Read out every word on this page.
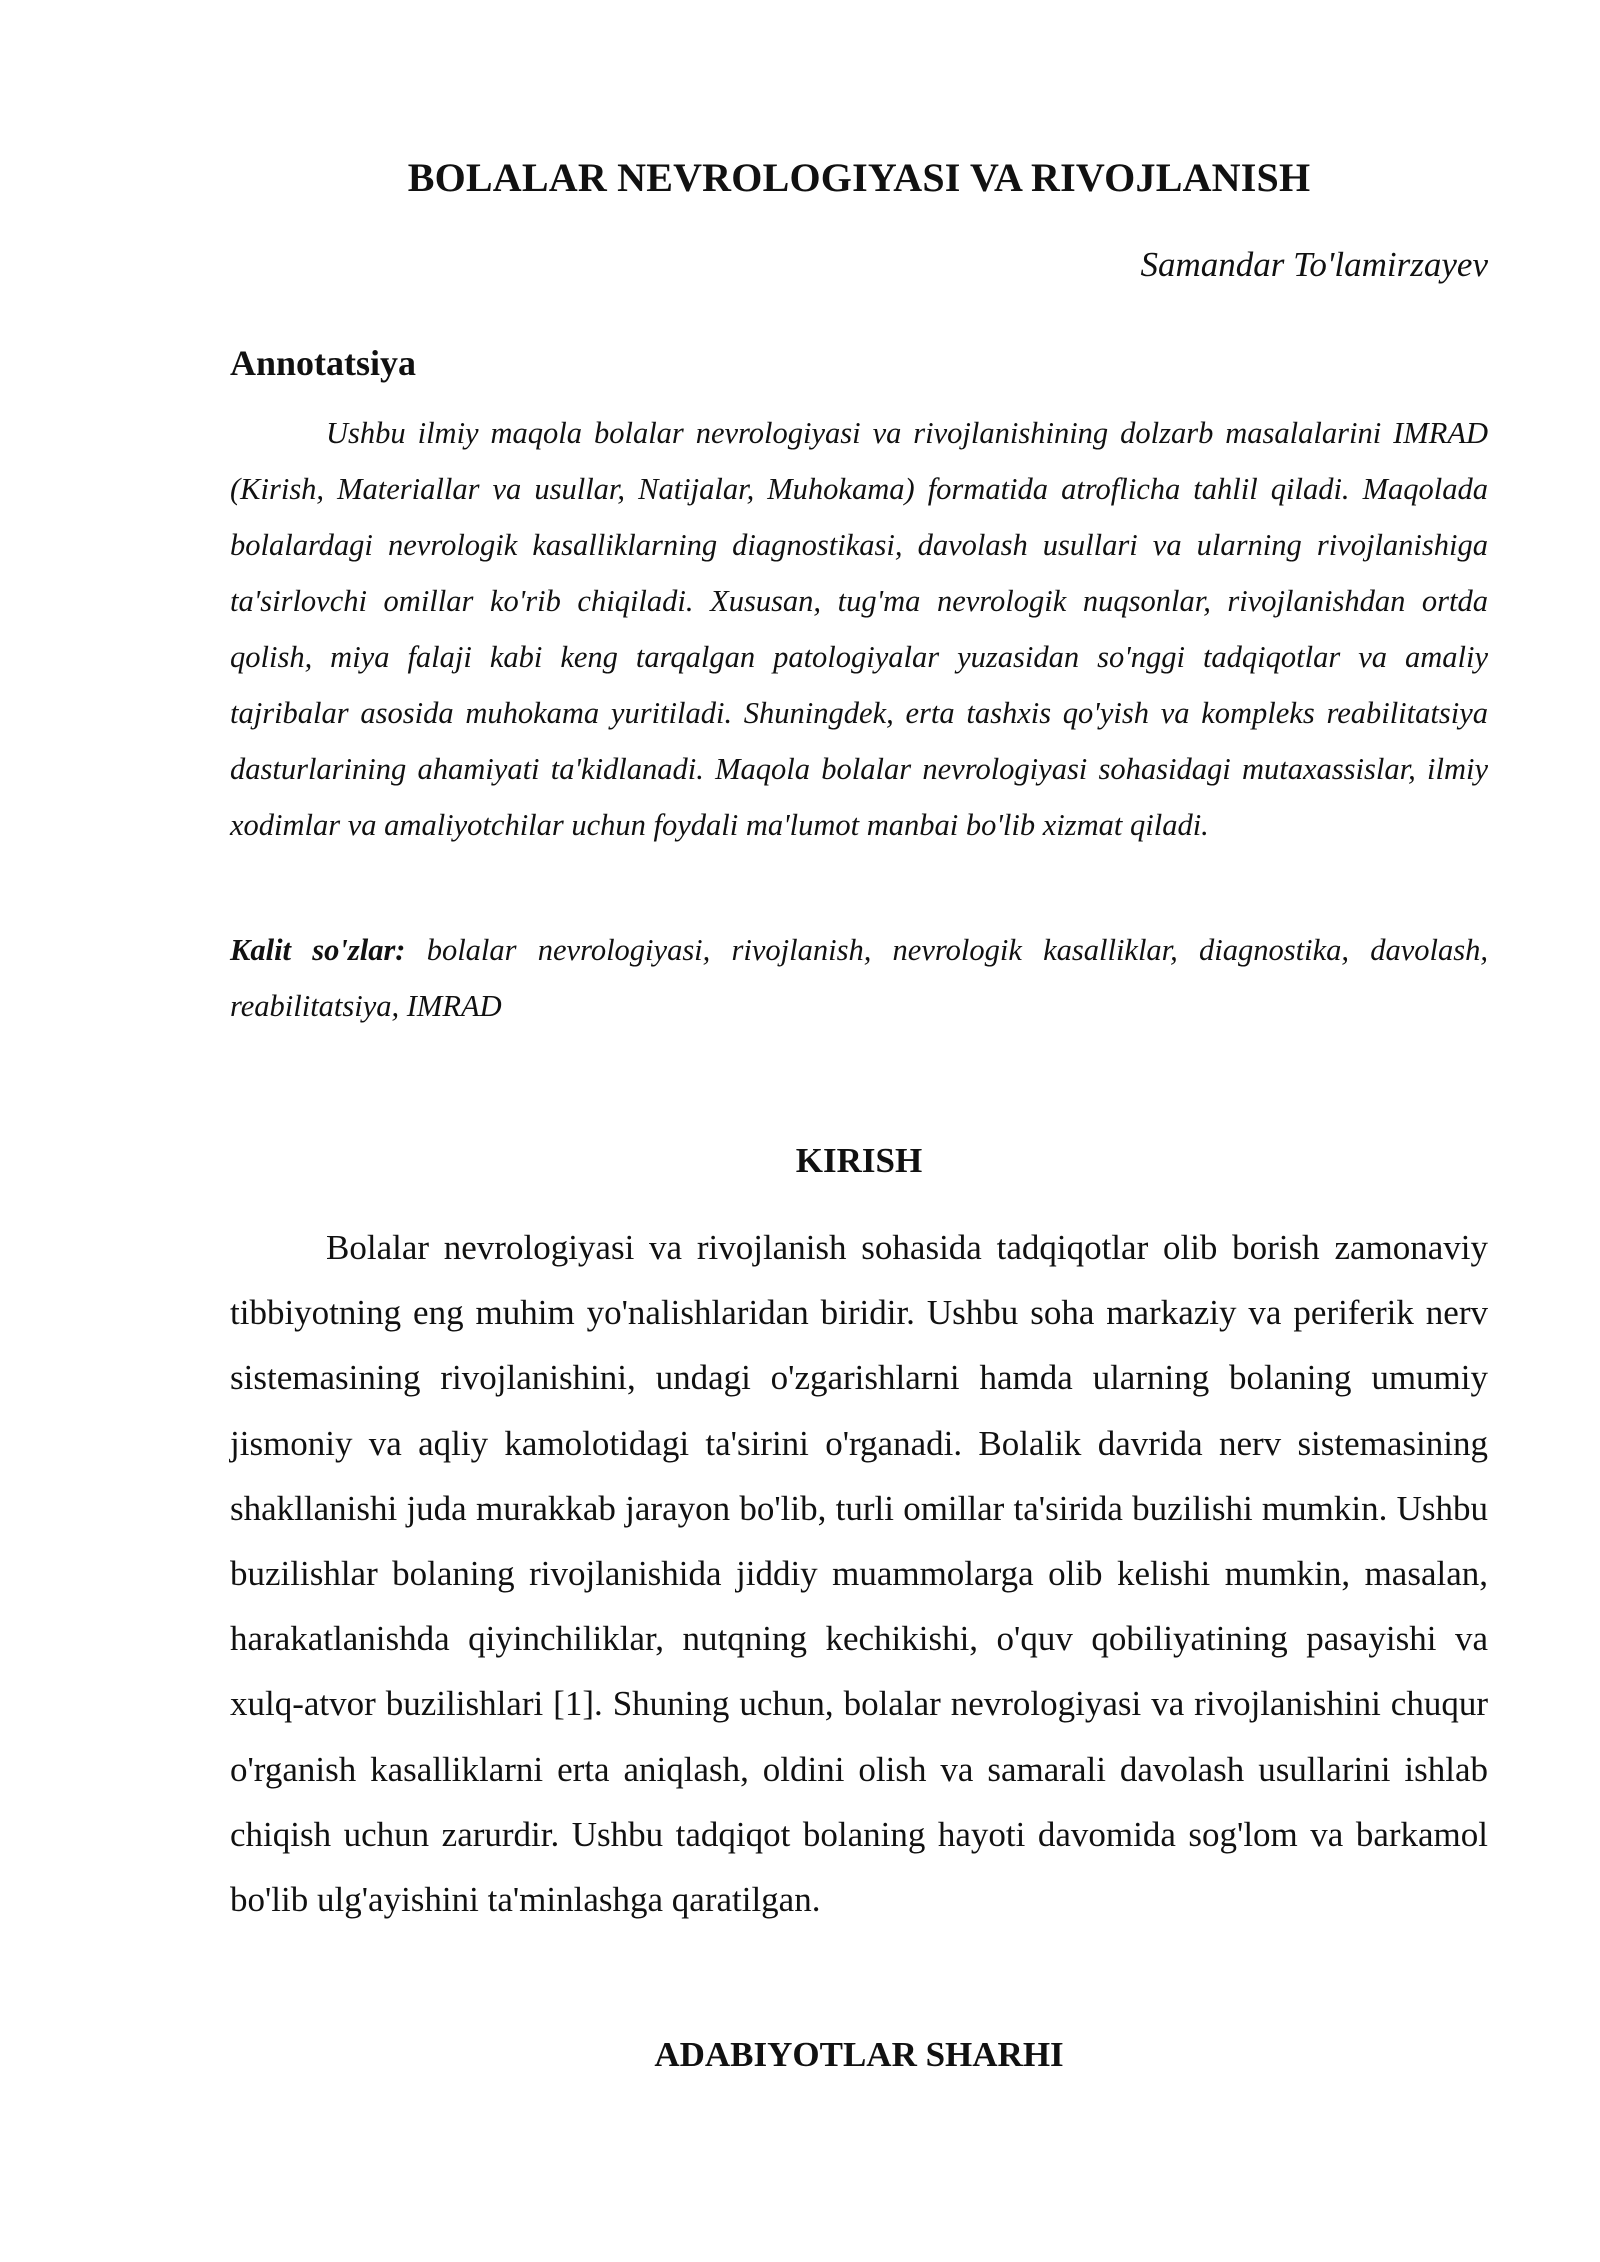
BOLALAR NEVROLOGIYASI VA RIVOJLANISH
Samandar To'lamirzayev
Annotatsiya

Ushbu ilmiy maqola bolalar nevrologiyasi va rivojlanishining dolzarb masalalarini IMRAD (Kirish, Materiallar va usullar, Natijalar, Muhokama) formatida atroflicha tahlil qiladi. Maqolada bolalardagi nevrologik kasalliklarning diagnostikasi, davolash usullari va ularning rivojlanishiga ta'sirlovchi omillar ko'rib chiqiladi. Xususan, tug'ma nevrologik nuqsonlar, rivojlanishdan ortda qolish, miya falaji kabi keng tarqalgan patologiyalar yuzasidan so'nggi tadqiqotlar va amaliy tajribalar asosida muhokama yuritiladi. Shuningdek, erta tashxis qo'yish va kompleks reabilitatsiya dasturlarining ahamiyati ta'kidlanadi. Maqola bolalar nevrologiyasi sohasidagi mutaxassislar, ilmiy xodimlar va amaliyotchilar uchun foydali ma'lumot manbai bo'lib xizmat qiladi.

Kalit so'zlar: bolalar nevrologiyasi, rivojlanish, nevrologik kasalliklar, diagnostika, davolash, reabilitatsiya, IMRAD

KIRISH

Bolalar nevrologiyasi va rivojlanish sohasida tadqiqotlar olib borish zamonaviy tibbiyotning eng muhim yo'nalishlaridan biridir. Ushbu soha markaziy va periferik nerv sistemasining rivojlanishini, undagi o'zgarishlarni hamda ularning bolaning umumiy jismoniy va aqliy kamolotidagi ta'sirini o'rganadi. Bolalik davrida nerv sistemasining shakllanishi juda murakkab jarayon bo'lib, turli omillar ta'sirida buzilishi mumkin. Ushbu buzilishlar bolaning rivojlanishida jiddiy muammolarga olib kelishi mumkin, masalan, harakatlanishda qiyinchiliklar, nutqning kechikishi, o'quv qobiliyatining pasayishi va xulq-atvor buzilishlari [1]. Shuning uchun, bolalar nevrologiyasi va rivojlanishini chuqur o'rganish kasalliklarni erta aniqlash, oldini olish va samarali davolash usullarini ishlab chiqish uchun zarurdir. Ushbu tadqiqot bolaning hayoti davomida sog'lom va barkamol bo'lib ulg'ayishini ta'minlashga qaratilgan.

ADABIYOTLAR SHARHI
